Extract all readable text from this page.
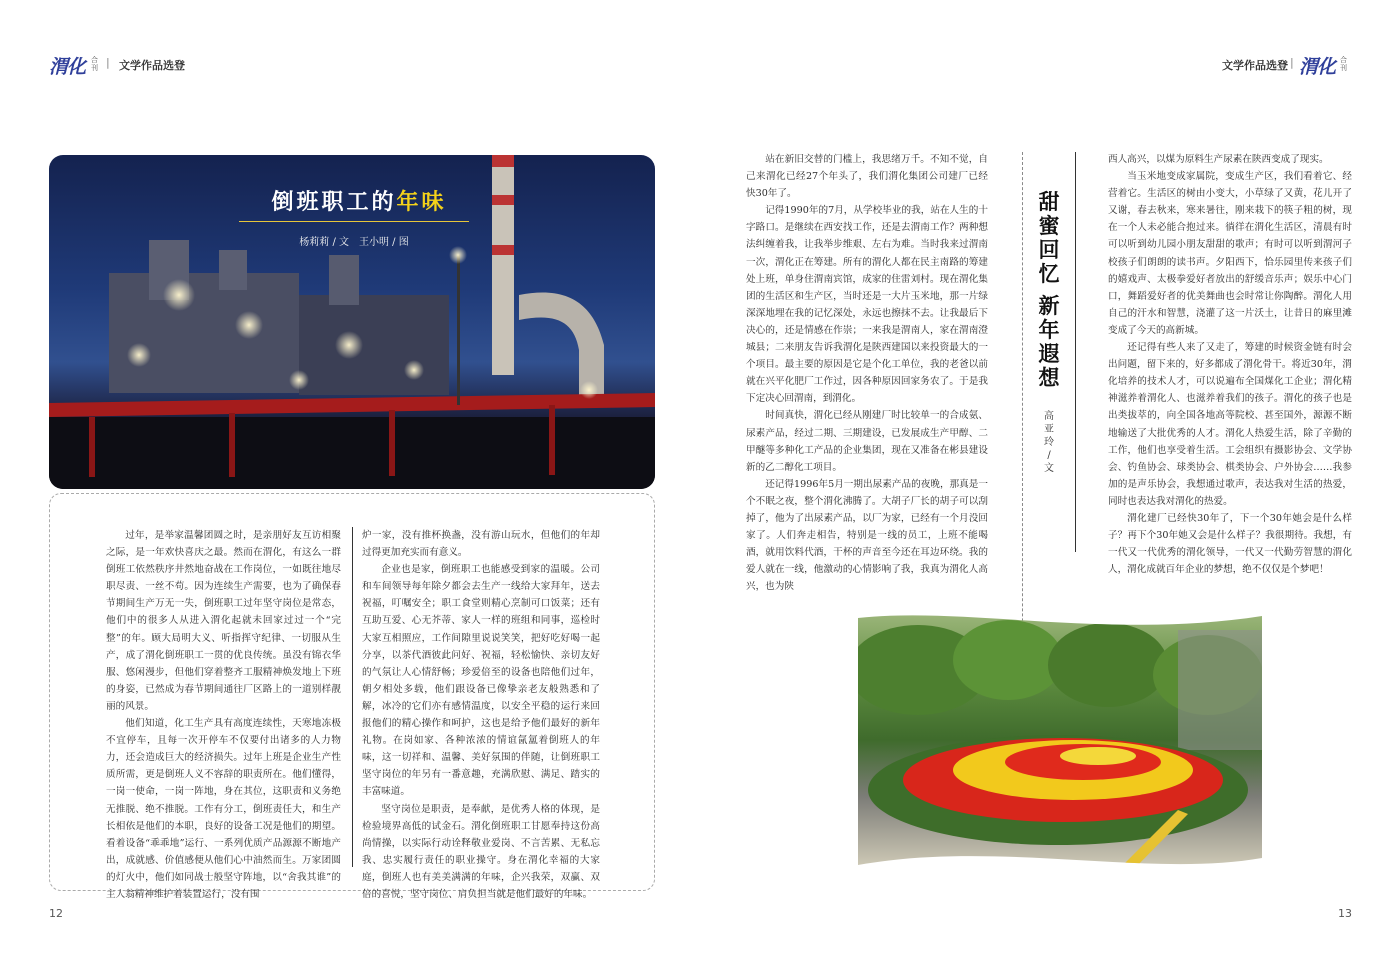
渭化 合刊 | 文学作品选登	文学作品选登 | 渭化 合刊
倒班职工的年味
杨莉莉 / 文　王小明 / 图

过年，是举家温馨团圆之时，是亲朋好友互访相聚之际，是一年欢快喜庆之最。然而在渭化，有这么一群倒班工依然秩序井然地奋战在工作岗位，一如既往地尽职尽责、一丝不苟。因为连续生产需要，也为了确保春节期间生产万无一失，倒班职工过年坚守岗位是常态，他们中的很多人从进入渭化起就未回家过过一个“完整”的年。顾大局明大义、听指挥守纪律、一切服从生产，成了渭化倒班职工一贯的优良传统。虽没有锦衣华服、悠闲漫步，但他们穿着整齐工服精神焕发地上下班的身姿，已然成为春节期间通往厂区路上的一道别样靓丽的风景。

他们知道，化工生产具有高度连续性，天寒地冻极不宜停车，且每一次开停车不仅要付出诸多的人力物力，还会造成巨大的经济损失。过年上班是企业生产性质所需，更是倒班人义不容辞的职责所在。他们懂得，一岗一使命，一岗一阵地，身在其位，这职责和义务绝无推脱、绝不推脱。工作有分工，倒班责任大，和生产长相依是他们的本职，良好的设备工况是他们的期望。看着设备“乖乖地”运行、一系列优质产品源源不断地产出，成就感、价值感便从他们心中油然而生。万家团圆的灯火中，他们如同战士般坚守阵地，以“舍我其谁”的主人翁精神维护着装置运行，没有围

炉一家，没有推杯换盏，没有游山玩水，但他们的年却过得更加充实而有意义。

企业也是家，倒班职工也能感受到家的温暖。公司和车间领导每年除夕都会去生产一线给大家拜年，送去祝福，叮嘱安全；职工食堂则精心烹制可口饭菜；还有互助互爱、心无芥蒂、家人一样的班组和同事，巡检时大家互相照应，工作间隙里说说笑笑，把好吃好喝一起分享，以茶代酒彼此问好、祝福，轻松愉快、亲切友好的气氛让人心情舒畅；珍爱倍至的设备也陪他们过年，朝夕相处多载，他们跟设备已像挚亲老友般熟悉和了解，冰冷的它们亦有感情温度，以安全平稳的运行来回报他们的精心操作和呵护，这也是给予他们最好的新年礼物。在岗如家、各种浓浓的情谊氤氲着倒班人的年味，这一切祥和、温馨、美好氛围的伴随，让倒班职工坚守岗位的年另有一番意趣，充满欣慰、满足、踏实的丰富味道。

坚守岗位是职责，是奉献，是优秀人格的体现，是检验境界高低的试金石。渭化倒班职工甘愿奉持这份高尚情操，以实际行动诠释敬业爱岗、不言苦累、无私忘我、忠实履行责任的职业操守。身在渭化幸福的大家庭，倒班人也有美美满满的年味，企兴我荣，双赢、双倍的喜悦，坚守岗位、肩负担当就是他们最好的年味。

站在新旧交替的门槛上，我思绪万千。不知不觉，自己来渭化已经27个年头了，我们渭化集团公司建厂已经快30年了。

记得1990年的7月，从学校毕业的我，站在人生的十字路口。是继续在西安找工作，还是去渭南工作？两种想法纠缠着我，让我举步维艰、左右为难。当时我来过渭南一次，渭化正在筹建。所有的渭化人都在民主南路的筹建处上班，单身住渭南宾馆，成家的住雷刘村。现在渭化集团的生活区和生产区，当时还是一大片玉米地，那一片绿深深地埋在我的记忆深处，永远也擦抹不去。让我最后下决心的，还是情感在作崇；一来我是渭南人，家在渭南澄城县；二来朋友告诉我渭化是陕西建国以来投资最大的一个项目。最主要的原因是它是个化工单位，我的老爸以前就在兴平化肥厂工作过，因各种原因回家务农了。于是我下定决心回渭南，到渭化。

时间真快，渭化已经从刚建厂时比较单一的合成氨、尿素产品，经过二期、三期建设，已发展成生产甲醇、二甲醚等多种化工产品的企业集团，现在又准备在彬县建设新的乙二醇化工项目。

还记得1996年5月一期出尿素产品的夜晚，那真是一个不眠之夜，整个渭化沸腾了。大胡子厂长的胡子可以刮掉了，他为了出尿素产品，以厂为家，已经有一个月没回家了。人们奔走相告，特别是一线的员工，上班不能喝酒，就用饮料代酒，干杯的声音至今还在耳边环绕。我的爱人就在一线，他激动的心情影响了我，我真为渭化人高兴，也为陕

甜蜜回忆
新年遐想
高亚玲 / 文

西人高兴，以煤为原料生产尿素在陕西变成了现实。

当玉米地变成家属院，变成生产区，我们看着它、经营着它。生活区的树由小变大，小草绿了又黄，花儿开了又谢，春去秋来，寒来暑往，刚来栽下的筷子粗的树，现在一个人未必能合抱过来。徜徉在渭化生活区，清晨有时可以听到幼儿园小朋友甜甜的歌声；有时可以听到渭河子校孩子们朗朗的读书声。夕阳西下，恰乐园里传来孩子们的嬉戏声、太极拳爱好者放出的舒缓音乐声；娱乐中心门口，舞蹈爱好者的优美舞曲也会时常让你陶醉。渭化人用自己的汗水和智慧，浇灌了这一片沃土，让昔日的麻里滩变成了今天的高新城。

还记得有些人来了又走了，筹建的时候资金链有时会出问题，留下来的，好多都成了渭化骨干。将近30年，渭化培养的技术人才，可以说遍布全国煤化工企业；渭化精神滋养着渭化人、也滋养着我们的孩子。渭化的孩子也是出类拔萃的，向全国各地高等院校、甚至国外，源源不断地输送了大批优秀的人才。渭化人热爱生活，除了辛勤的工作，他们也享受着生活。工会组织有摄影协会、文学协会、钓鱼协会、球类协会、棋类协会、户外协会……我参加的是声乐协会，我想通过歌声，表达我对生活的热爱，同时也表达我对渭化的热爱。

渭化建厂已经快30年了，下一个30年她会是什么样子？再下个30年她又会是什么样子？我很期待。我想，有一代又一代优秀的渭化领导，一代又一代勤劳智慧的渭化人，渭化成就百年企业的梦想，绝不仅仅是个梦吧！

12	13
